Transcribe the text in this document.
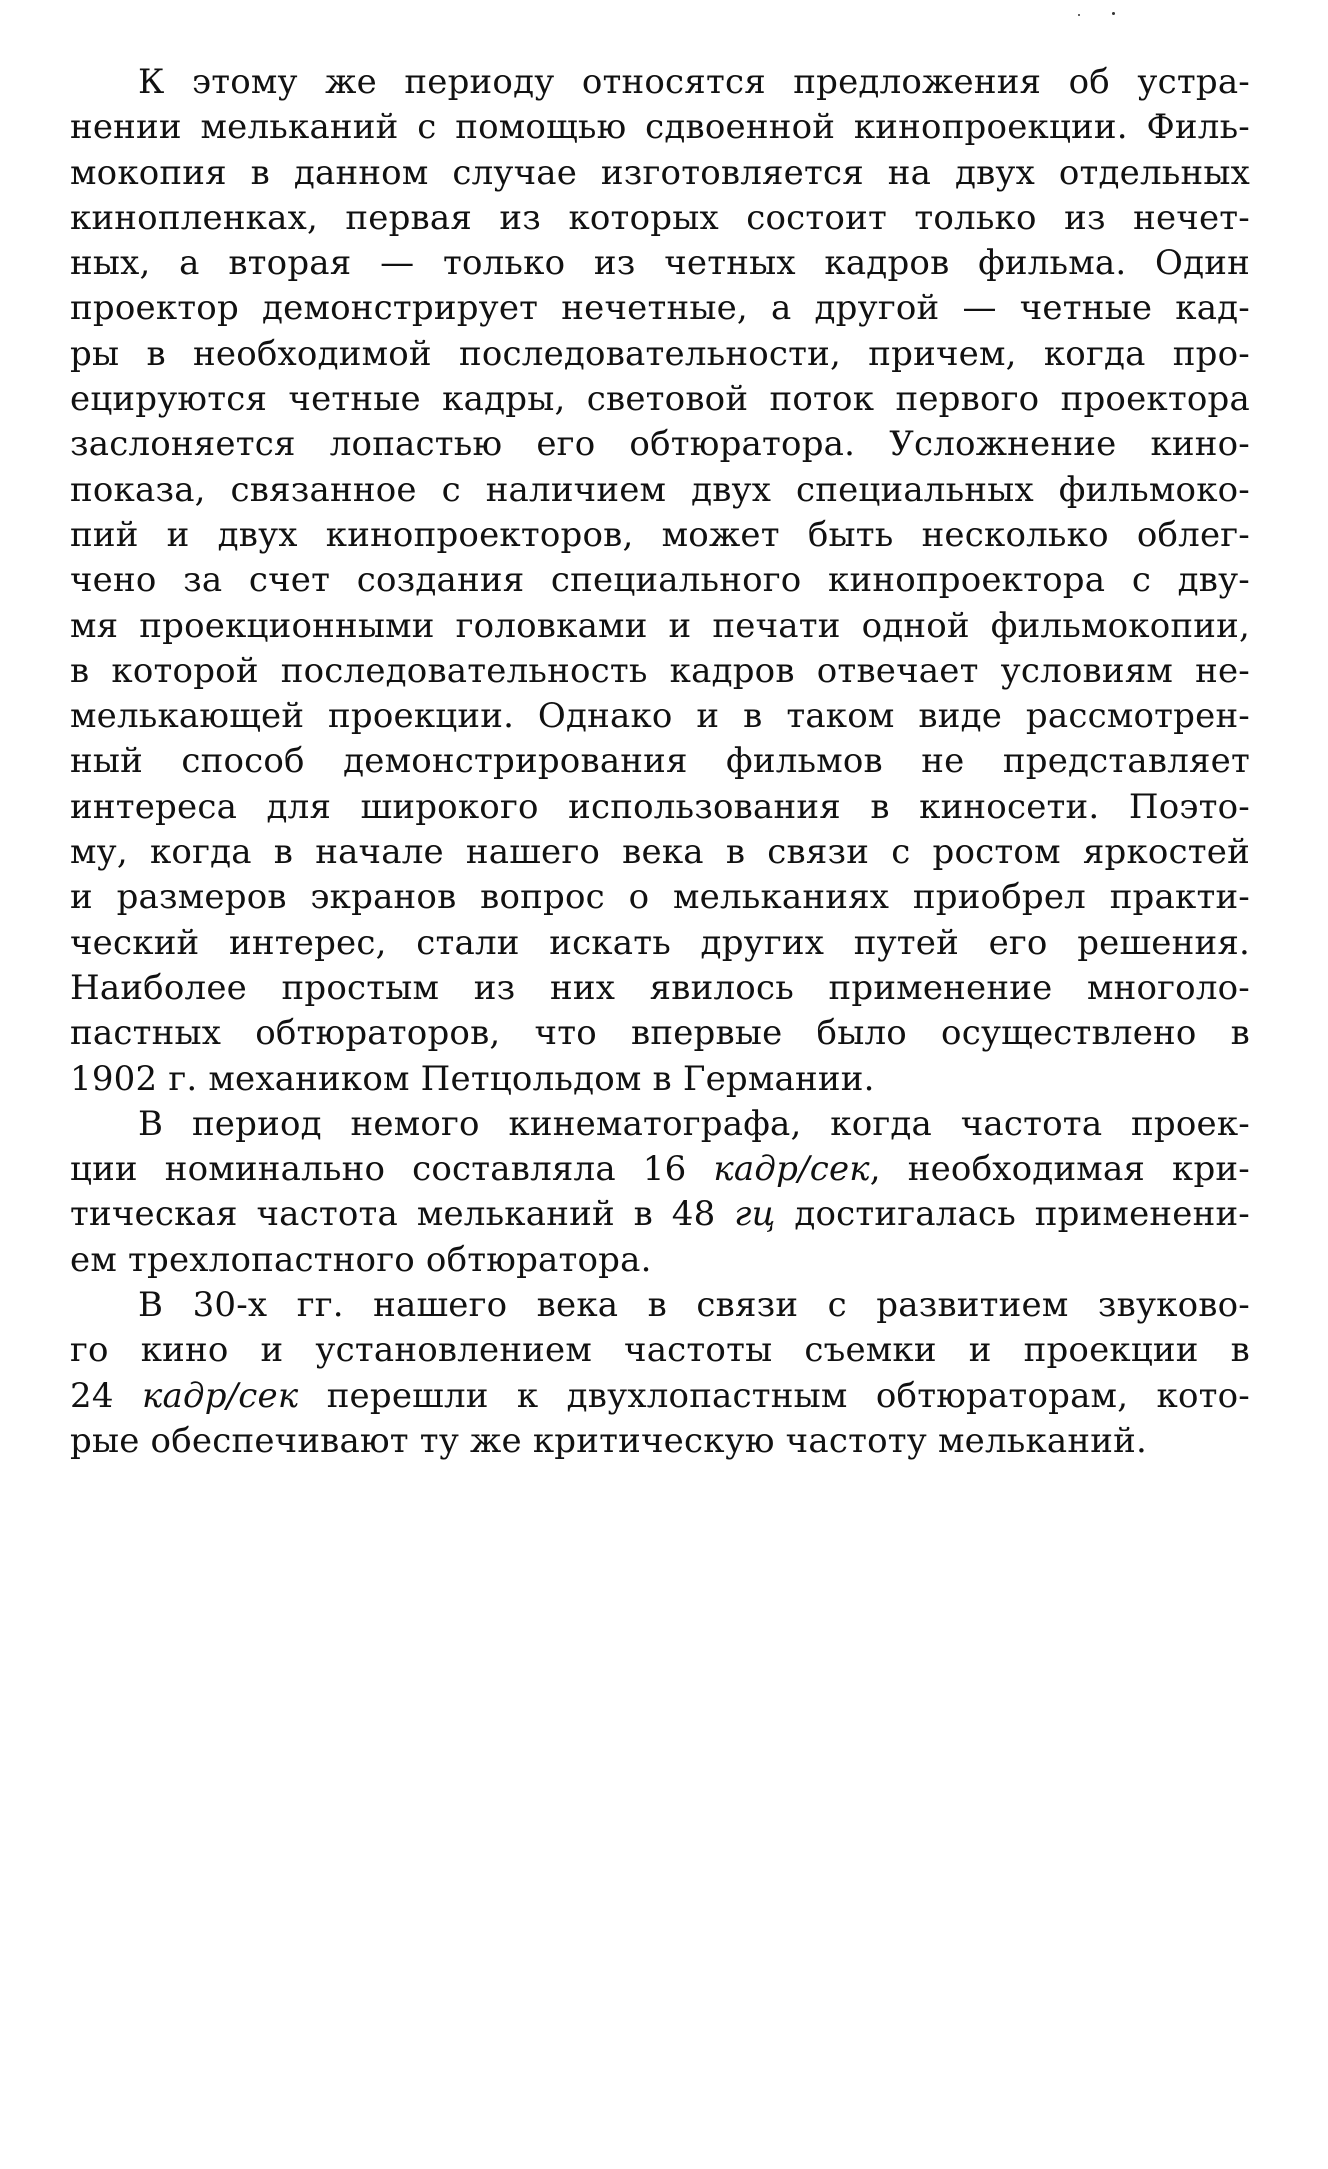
К этому же периоду относятся предложения об устра-
нении мельканий с помощью сдвоенной кинопроекции. Филь-
мокопия в данном случае изготовляется на двух отдельных
кинопленках, первая из которых состоит только из нечет-
ных, а вторая — только из четных кадров фильма. Один
проектор демонстрирует нечетные, а другой — четные кад-
ры в необходимой последовательности, причем, когда про-
ецируются четные кадры, световой поток первого проектора
заслоняется лопастью его обтюратора. Усложнение кино-
показа, связанное с наличием двух специальных фильмоко-
пий и двух кинопроекторов, может быть несколько облег-
чено за счет создания специального кинопроектора с дву-
мя проекционными головками и печати одной фильмокопии,
в которой последовательность кадров отвечает условиям не-
мелькающей проекции. Однако и в таком виде рассмотрен-
ный способ демонстрирования фильмов не представляет
интереса для широкого использования в киносети. Поэто-
му, когда в начале нашего века в связи с ростом яркостей
и размеров экранов вопрос о мельканиях приобрел практи-
ческий интерес, стали искать других путей его решения.
Наиболее простым из них явилось применение многоло-
пастных обтюраторов, что впервые было осуществлено в
1902 г. механиком Петцольдом в Германии.
В период немого кинематографа, когда частота проек-
ции номинально составляла 16 кадр/сек, необходимая кри-
тическая частота мельканий в 48 гц достигалась применени-
ем трехлопастного обтюратора.
В 30-х гг. нашего века в связи с развитием звуково-
го кино и установлением частоты съемки и проекции в
24 кадр/сек перешли к двухлопастным обтюраторам, кото-
рые обеспечивают ту же критическую частоту мельканий.
